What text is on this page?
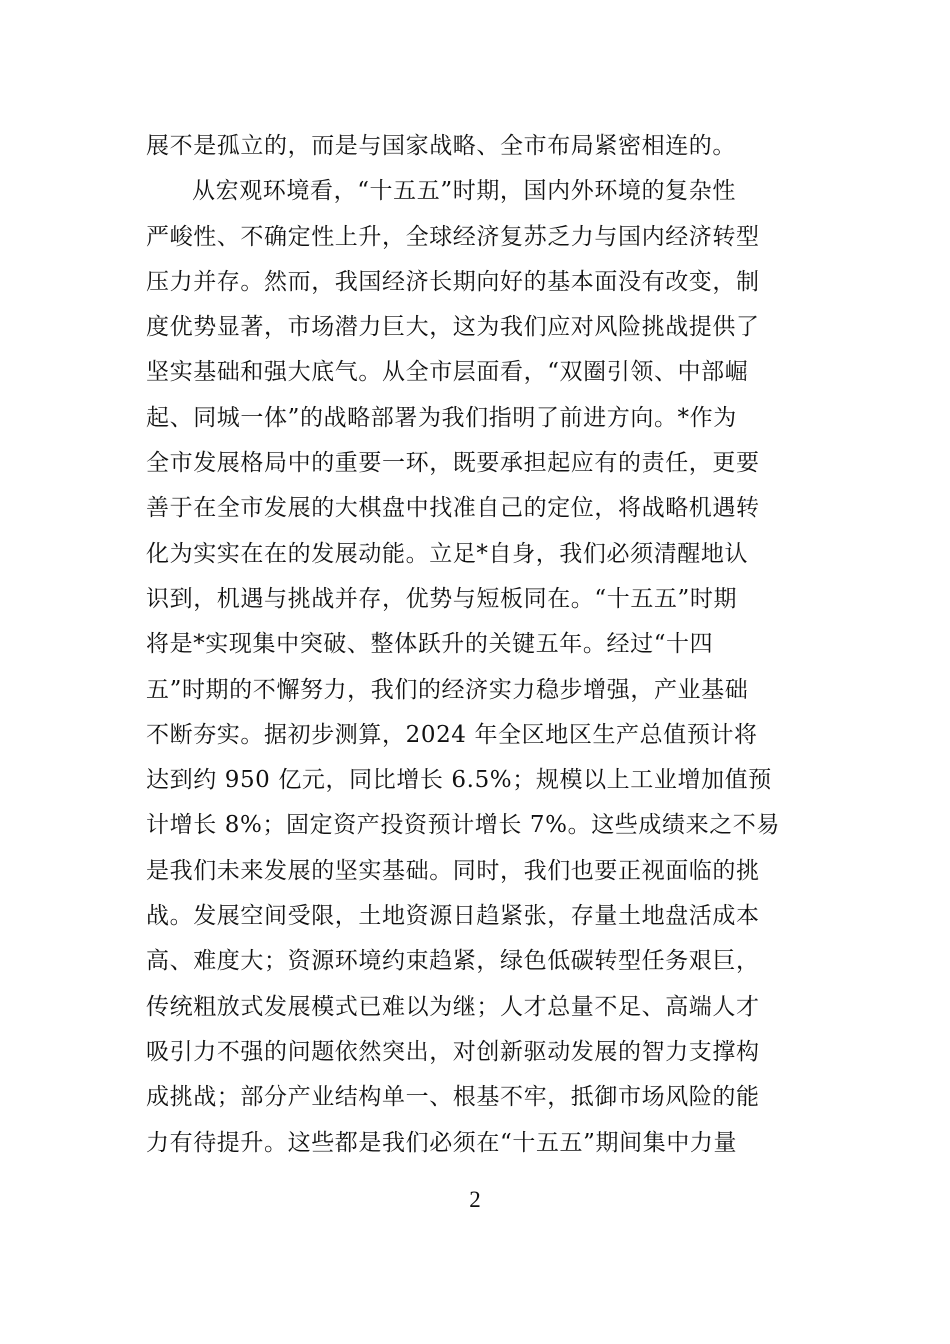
展不是孤立的，而是与国家战略、全市布局紧密相连的。
从宏观环境看，“十五五”时期，国内外环境的复杂性
严峻性、不确定性上升，全球经济复苏乏力与国内经济转型
压力并存。然而，我国经济长期向好的基本面没有改变，制
度优势显著，市场潜力巨大，这为我们应对风险挑战提供了
坚实基础和强大底气。从全市层面看，“双圈引领、中部崛
起、同城一体”的战略部署为我们指明了前进方向。*作为
全市发展格局中的重要一环，既要承担起应有的责任，更要
善于在全市发展的大棋盘中找准自己的定位，将战略机遇转
化为实实在在的发展动能。立足*自身，我们必须清醒地认
识到，机遇与挑战并存，优势与短板同在。“十五五”时期
将是*实现集中突破、整体跃升的关键五年。经过“十四
五”时期的不懈努力，我们的经济实力稳步增强，产业基础
不断夯实。据初步测算，2024 年全区地区生产总值预计将
达到约 950 亿元，同比增长 6.5%；规模以上工业增加值预
计增长 8%；固定资产投资预计增长 7%。这些成绩来之不易
是我们未来发展的坚实基础。同时，我们也要正视面临的挑
战。发展空间受限，土地资源日趋紧张，存量土地盘活成本
高、难度大；资源环境约束趋紧，绿色低碳转型任务艰巨，
传统粗放式发展模式已难以为继；人才总量不足、高端人才
吸引力不强的问题依然突出，对创新驱动发展的智力支撑构
成挑战；部分产业结构单一、根基不牢，抵御市场风险的能
力有待提升。这些都是我们必须在“十五五”期间集中力量
2
